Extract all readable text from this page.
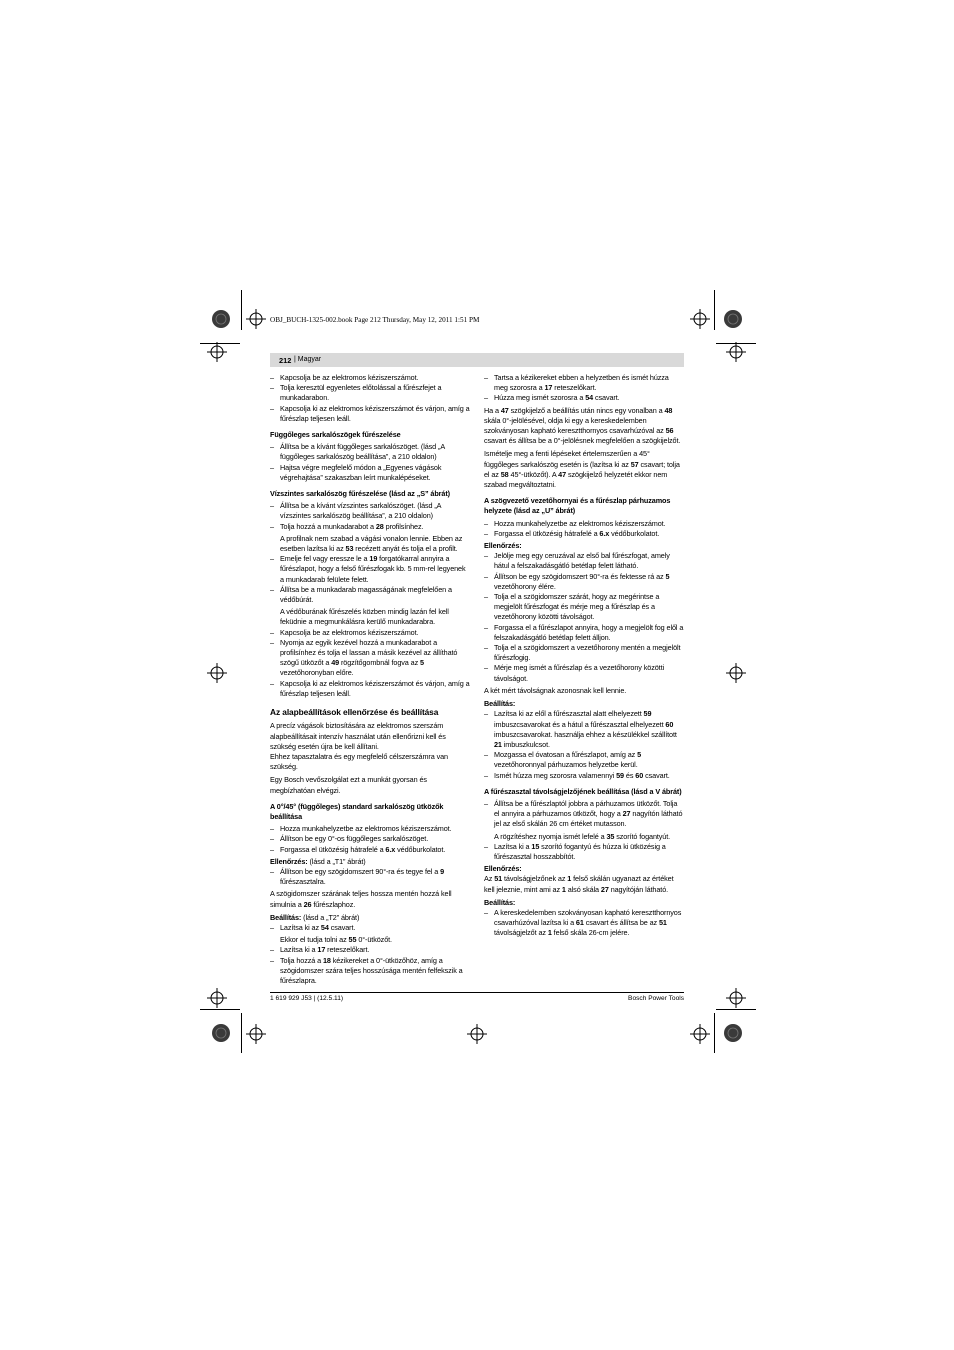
OBJ_BUCH-1325-002.book Page 212 Thursday, May 12, 2011 1:51 PM
212
| Magyar
– Kapcsolja be az elektromos kéziszerszámot.
– Tolja keresztül egyenletes előtolással a fűrészfejet a munkadarabon.
– Kapcsolja ki az elektromos kéziszerszámot és várjon, amíg a fűrészlap teljesen leáll.
Függőleges sarkalószögek fűrészelése
– Állítsa be a kívánt függőleges sarkalószöget. (lásd „A függőleges sarkalószög beállítása”, a 210 oldalon)
– Hajtsa végre megfelelő módon a „Egyenes vágások végrehajtása” szakaszban leírt munkalépéseket.
Vízszintes sarkalószög fűrészelése (lásd az „S” ábrát)
– Állítsa be a kívánt vízszintes sarkalószöget. (lásd „A vízszintes sarkalószög beállítása”, a 210 oldalon)
– Tolja hozzá a munkadarabot a 28 profilsínhez.
A profilnak nem szabad a vágási vonalon lennie. Ebben az esetben lazítsa ki az 53 recézett anyát és tolja el a profilt.
– Emelje fel vagy eressze le a 19 forgatókarral annyira a fűrészlapot, hogy a felső fűrészfogak kb. 5 mm-rel legyenek a munkadarab felülete felett.
– Állítsa be a munkadarab magasságának megfelelően a védőbúrát.
A védőburának fűrészelés közben mindig lazán fel kell feküdnie a megmunkálásra kerülő munkadarabra.
– Kapcsolja be az elektromos kéziszerszámot.
– Nyomja az egyik kezével hozzá a munkadarabot a profilsínhez és tolja el lassan a másik kezével az állítható szögű ütközőt a 49 rögzítőgombnál fogva az 5 vezetőhoronyban előre.
– Kapcsolja ki az elektromos kéziszerszámot és várjon, amíg a fűrészlap teljesen leáll.
Az alapbeállítások ellenőrzése és beállítása

A precíz vágások biztosítására az elektromos szerszám alapbeállításait intenzív használat után ellenőrizni kell és szükség esetén újra be kell állítani.
Ehhez tapasztalatra és egy megfelelő célszerszámra van szükség.

Egy Bosch vevőszolgálat ezt a munkát gyorsan és megbízhatóan elvégzi.

A 0°/45° (függőleges) standard sarkalószög ütközők beállítása
– Hozza munkahelyzetbe az elektromos kéziszerszámot.
– Állítson be egy 0°-os függőleges sarkalószöget.
– Forgassa el ütközésig hátrafelé a 6.x védőburkolatot.

Ellenőrzés: (lásd a „T1” ábrát)

– Állítson be egy szögidomszert 90°-ra és tegye fel a 9 fűrészasztalra.

A szögidomszer szárának teljes hossza mentén hozzá kell simulnia a 26 fűrészlaphoz.

Beállítás: (lásd a „T2” ábrát)

– Lazítsa ki az 54 csavart.
Ekkor el tudja tolni az 55 0°-ütközőt.
– Lazítsa ki a 17 reteszelőkart.
– Tolja hozzá a 18 kézikereket a 0°-ütközőhöz, amíg a szögidomszer szára teljes hosszúsága mentén felfekszik a fűrészlapra.
– Tartsa a kézikereket ebben a helyzetben és ismét húzza meg szorosra a 17 reteszelőkart.
– Húzza meg ismét szorosra a 54 csavart.

Ha a 47 szögkijelző a beállítás után nincs egy vonalban a 48 skála 0°-jelölésével, oldja ki egy a kereskedelemben szokványosan kapható keresztthornyos csavarhúzóval az 56 csavart és állítsa be a 0°-jelölésnek megfelelően a szögkijelzőt.

Ismételje meg a fenti lépéseket értelemszerűen a 45° függőleges sarkalószög esetén is (lazítsa ki az 57 csavart; tolja el az 58 45°-ütközőt). A 47 szögkijelző helyzetét ekkor nem szabad megváltoztatni.

A szögvezető vezetőhornyai és a fűrészlap párhuzamos helyzete (lásd az „U” ábrát)
– Hozza munkahelyzetbe az elektromos kéziszerszámot.
– Forgassa el ütközésig hátrafelé a 6.x védőburkolatot.

Ellenőrzés:

– Jelölje meg egy ceruzával az első bal fűrészfogat, amely hátul a felszakadásgátló betétlap felett látható.
– Állítson be egy szögidomszert 90°-ra és fektesse rá az 5 vezetőhorony élére.
– Tolja el a szögidomszer szárát, hogy az megérintse a megjelölt fűrészfogat és mérje meg a fűrészlap és a vezetőhorony közötti távolságot.
– Forgassa el a fűrészlapot annyira, hogy a megjelölt fog elől a felszakadásgátló betétlap felett álljon.
– Tolja el a szögidomszert a vezetőhorony mentén a megjelölt fűrészfogig.
– Mérje meg ismét a fűrészlap és a vezetőhorony közötti távolságot.

A két mért távolságnak azonosnak kell lennie.

Beállítás:

– Lazítsa ki az elől a fűrészasztal alatt elhelyezett 59 imbuszcsavarokat és a hátul a fűrészasztal elhelyezett 60 imbuszcsavarokat. használja ehhez a készülékkel szállított 21 imbuszkulcsot.
– Mozgassa el óvatosan a fűrészlapot, amíg az 5 vezetőhoronnyal párhuzamos helyzetbe kerül.
– Ismét húzza meg szorosra valamennyi 59 és 60 csavart.
A fűrészasztal távolságjelzőjének beállítása (lásd a V ábrát)
– Állítsa be a fűrészlaptól jobbra a párhuzamos ütközőt. Tolja el annyira a párhuzamos ütközőt, hogy a 27 nagyítón látható jel az első skálán 26 cm értéket mutasson.
A rögzítéshez nyomja ismét lefelé a 35 szorító fogantyút.
– Lazítsa ki a 15 szorító fogantyú és húzza ki ütközésig a fűrészasztal hosszabbítót.

Ellenőrzés:

Az 51 távolságjelzőnek az 1 felső skálán ugyanazt az értéket kell jeleznie, mint ami az 1 alsó skála 27 nagyítóján látható.

Beállítás:

– A kereskedelemben szokványosan kapható keresztthornyos csavarhúzóval lazítsa ki a 61 csavart és állítsa be az 51 távolságjelzőt az 1 felső skála 26-cm jelére.
1 619 929 J53 | (12.5.11)	Bosch Power Tools
